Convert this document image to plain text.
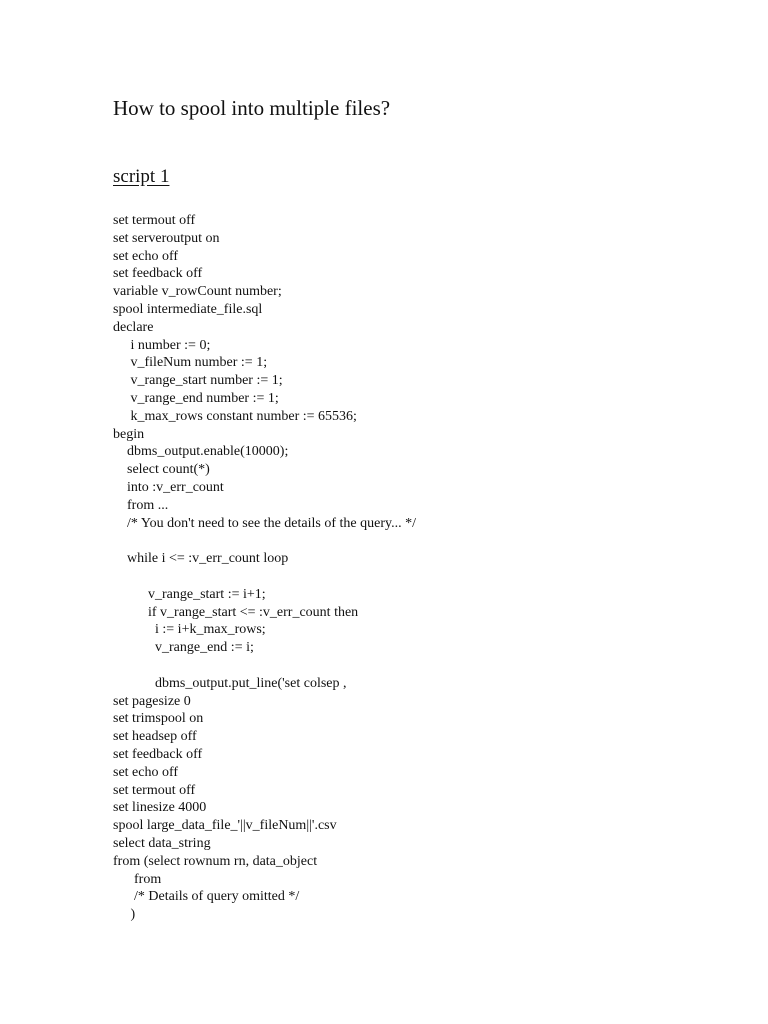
How to spool into multiple files?
script 1
set termout off
set serveroutput on
set echo off
set feedback off
variable v_rowCount number;
spool intermediate_file.sql
declare
i number := 0;
v_fileNum number := 1;
v_range_start number := 1;
v_range_end number := 1;
k_max_rows constant number := 65536;
begin
dbms_output.enable(10000);
select count(*)
into :v_err_count
from ...
/* You don't need to see the details of the query... */
while i <= :v_err_count loop
v_range_start := i+1;
if v_range_start <= :v_err_count then
i := i+k_max_rows;
v_range_end := i;
dbms_output.put_line('set colsep ,
set pagesize 0
set trimspool on
set headsep off
set feedback off
set echo off
set termout off
set linesize 4000
spool large_data_file_'||v_fileNum||'.csv
select data_string
from (select rownum rn, data_object
from
/* Details of query omitted */
)
